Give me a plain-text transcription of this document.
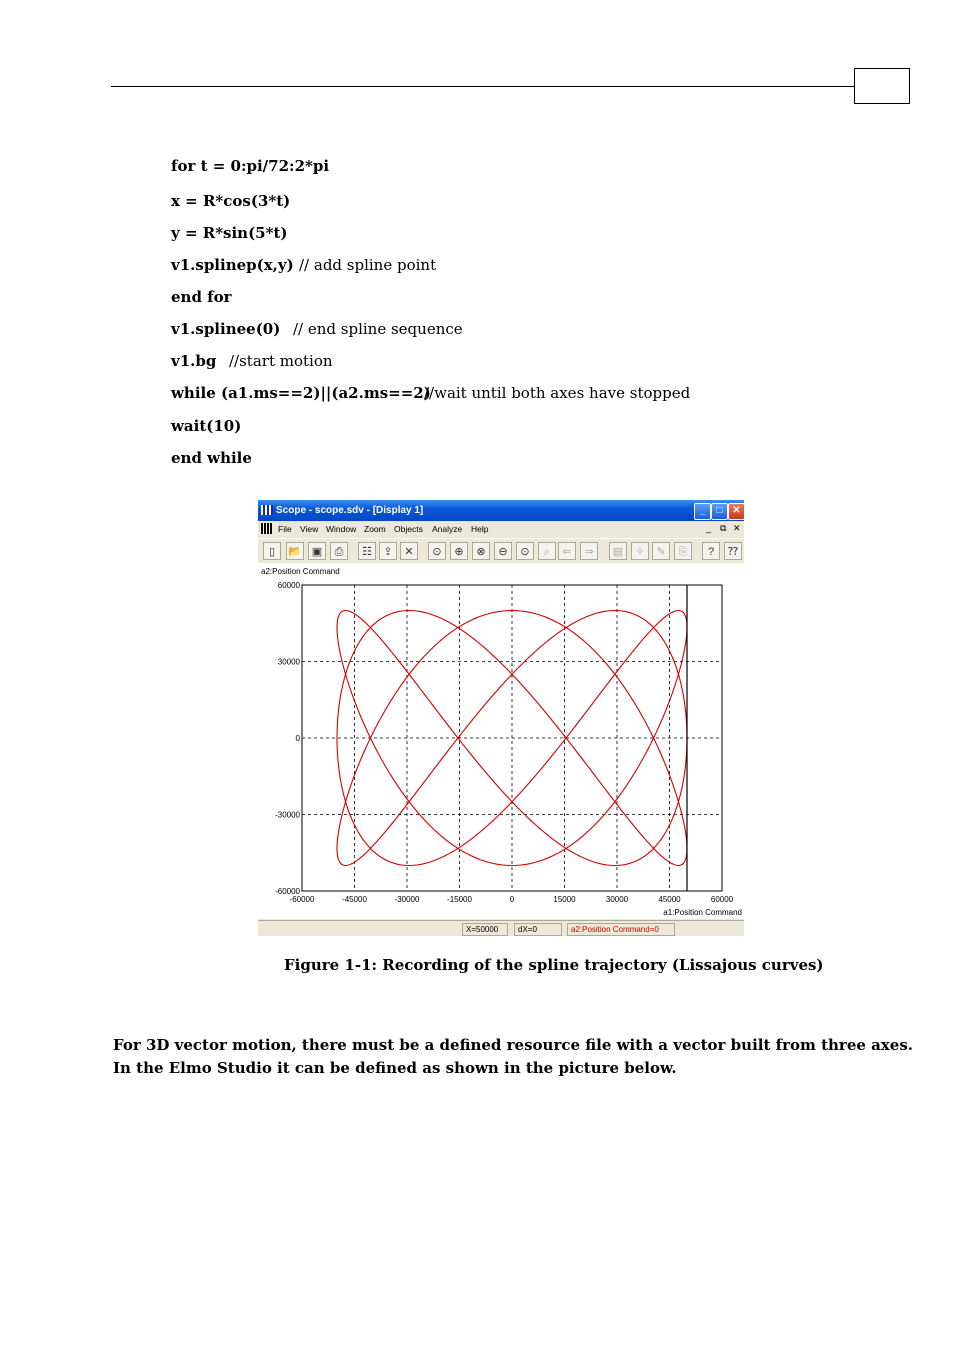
for t = 0:pi/72:2*pi
x = R*cos(3*t)
y = R*sin(5*t)
v1.splinep(x,y) // add spline point
end for
v1.splinee(0) // end spline sequence
v1.bg //start motion
while (a1.ms==2)||(a2.ms==2)
//wait until both axes have stopped
wait(10)
end while
Scope - scope.sdv - [Display 1]	_	□ ✕
File View Window Zoom Objects Analyze Help	_ ⧉ ✕
▯	📂 ▣	⎙	☷	⇪	✕	⊙	⊕	⊗	⊖	⊙	⌕	⇐	⇒	▤	✧	✎	⎘	?	⁇
-60000	-45000	-30000	-15000	0	15000	30000	45000	60000
60000
30000
0
-30000
-60000
a2:Position Command
a1:Position Command
X=50000	dX=0	a2:Position Command=0
Figure 1-1: Recording of the spline trajectory (Lissajous curves)
For 3D vector motion, there must be a defined resource file with a vector built from three axes.
In the Elmo Studio it can be defined as shown in the picture below.
